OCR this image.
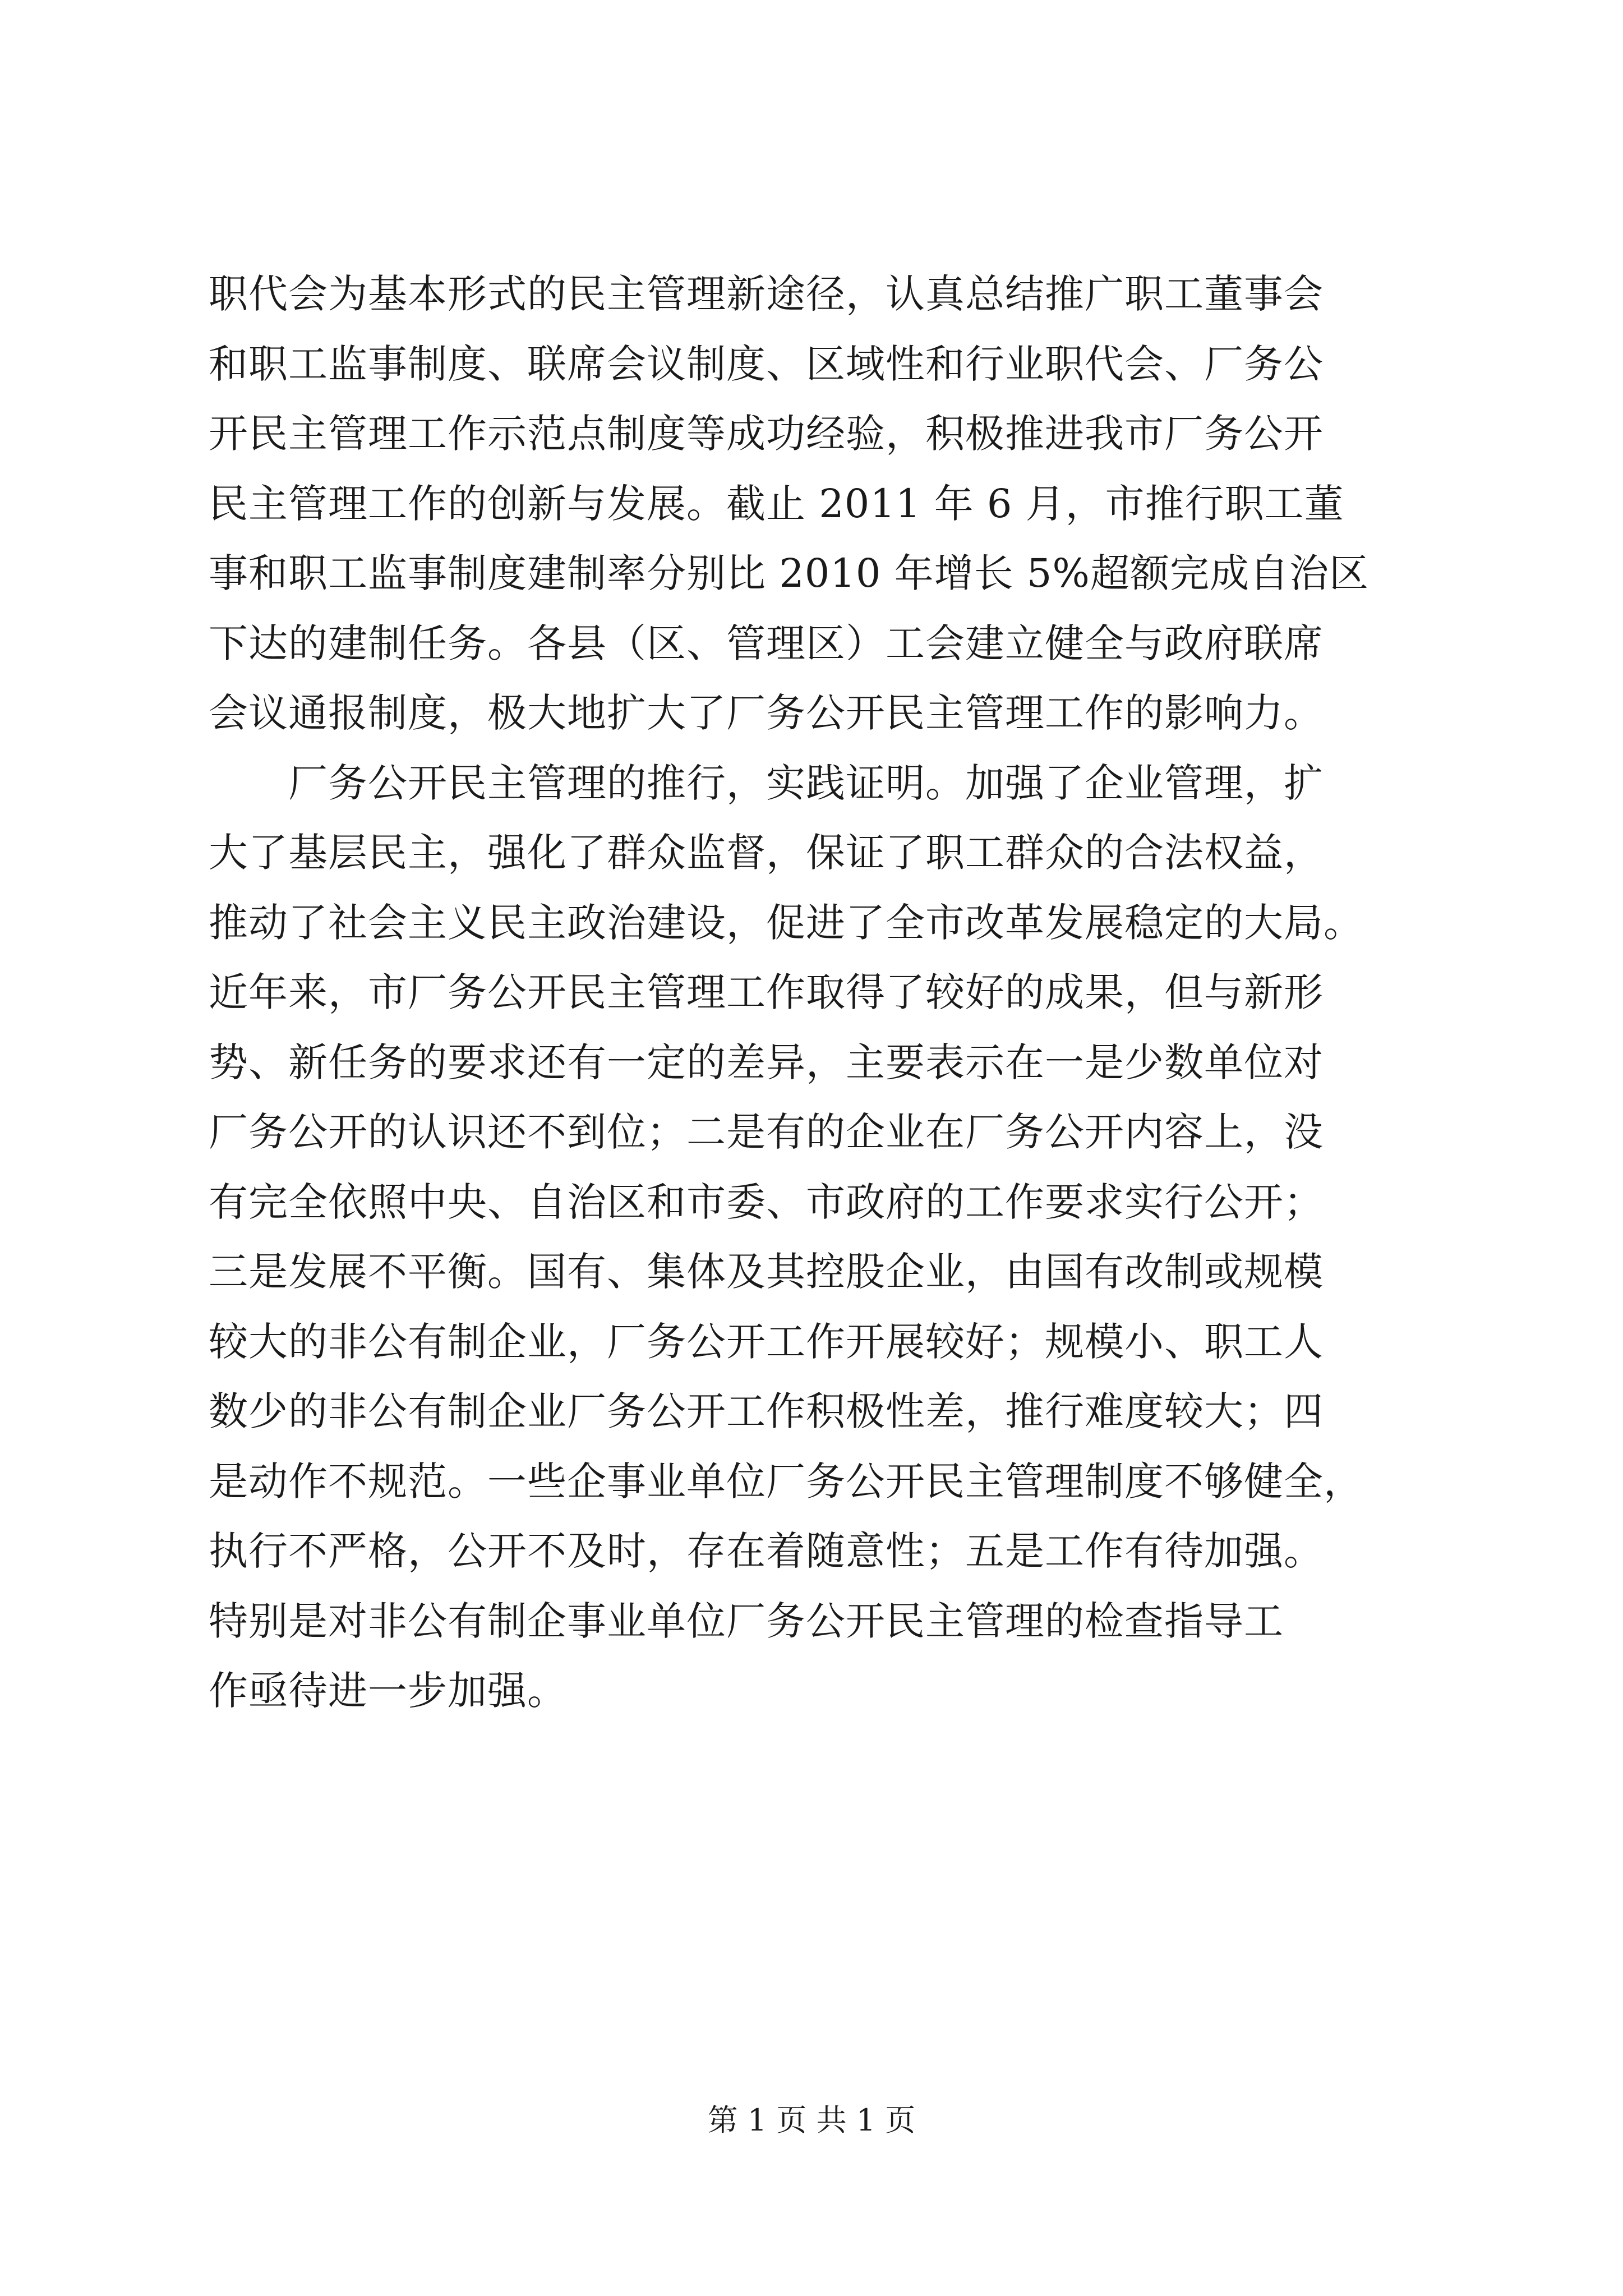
职代会为基本形式的民主管理新途径，认真总结推广职工董事会
和职工监事制度、联席会议制度、区域性和行业职代会、厂务公
开民主管理工作示范点制度等成功经验，积极推进我市厂务公开
民主管理工作的创新与发展。截止 2011 年 6 月，市推行职工董
事和职工监事制度建制率分别比 2010 年增长 5%超额完成自治区
下达的建制任务。各县（区、管理区）工会建立健全与政府联席
会议通报制度，极大地扩大了厂务公开民主管理工作的影响力。
　　厂务公开民主管理的推行，实践证明。加强了企业管理，扩
大了基层民主，强化了群众监督，保证了职工群众的合法权益，
推动了社会主义民主政治建设，促进了全市改革发展稳定的大局。
近年来，市厂务公开民主管理工作取得了较好的成果，但与新形
势、新任务的要求还有一定的差异，主要表示在一是少数单位对
厂务公开的认识还不到位；二是有的企业在厂务公开内容上，没
有完全依照中央、自治区和市委、市政府的工作要求实行公开；
三是发展不平衡。国有、集体及其控股企业，由国有改制或规模
较大的非公有制企业，厂务公开工作开展较好；规模小、职工人
数少的非公有制企业厂务公开工作积极性差，推行难度较大；四
是动作不规范。一些企事业单位厂务公开民主管理制度不够健全，
执行不严格，公开不及时，存在着随意性；五是工作有待加强。
特别是对非公有制企事业单位厂务公开民主管理的检查指导工
作亟待进一步加强。
第 1 页 共 1 页
